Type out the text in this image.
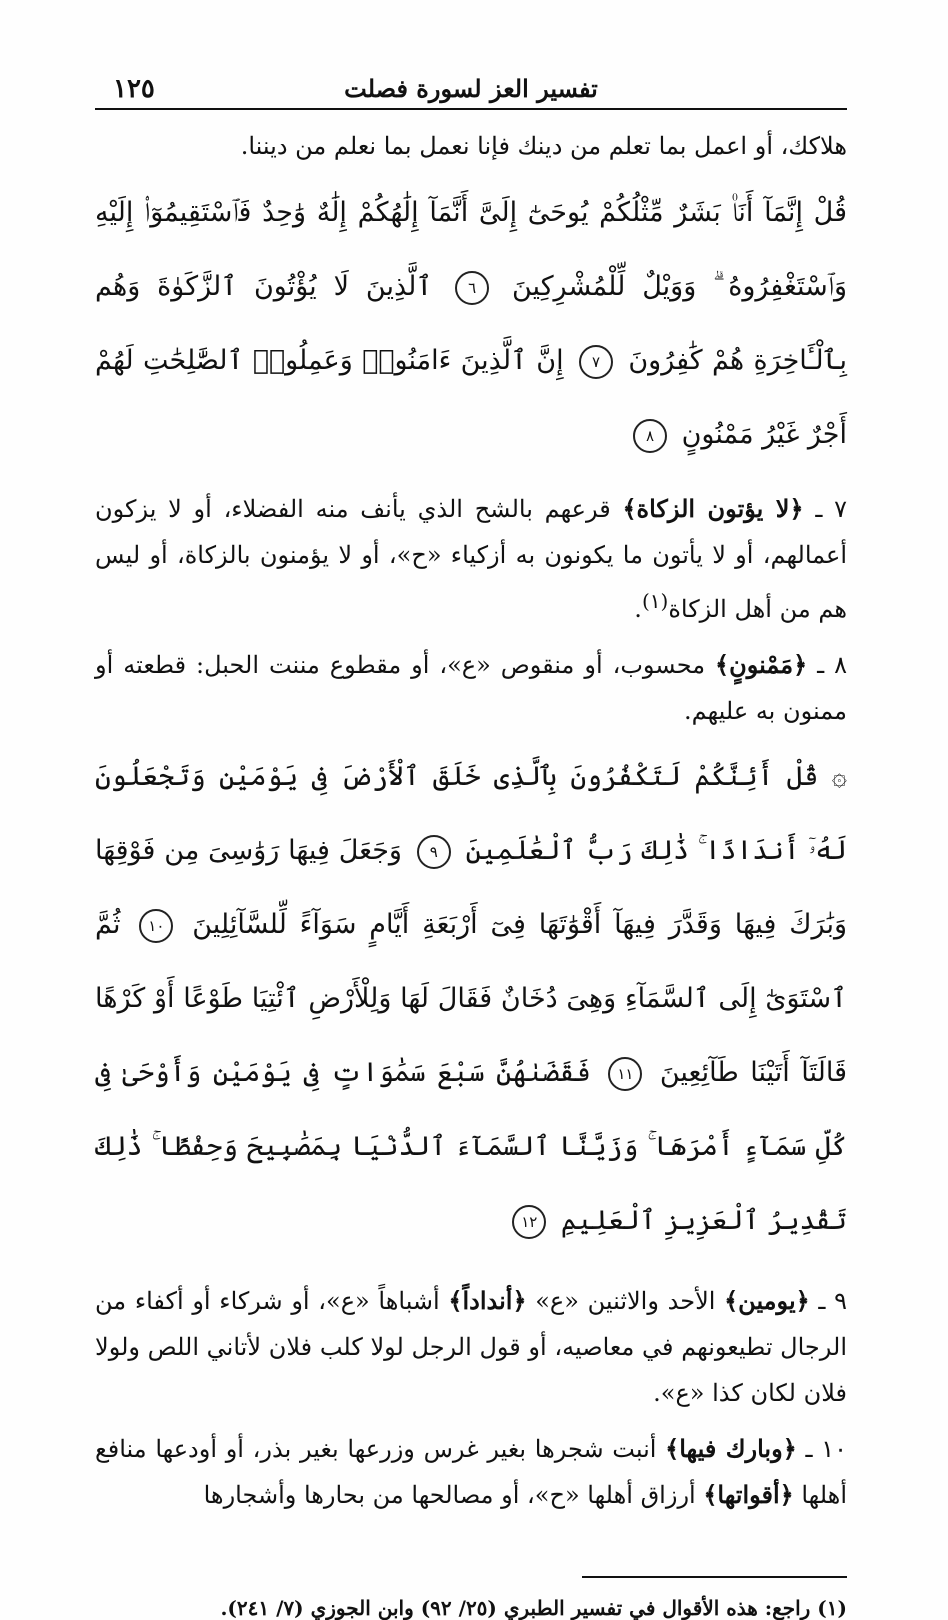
تفسير العز لسورة فصلت
١٢٥

هلاكك، أو اعمل بما تعلم من دينك فإنا نعمل بما نعلم من ديننا.

قُلْ إِنَّمَآ أَنَا۠ بَشَرٌ مِّثْلُكُمْ يُوحَىٰٓ إِلَىَّ أَنَّمَآ إِلَٰهُكُمْ إِلَٰهٌ وَٰحِدٌ فَٱسْتَقِيمُوٓا۟ إِلَيْهِ وَٱسْتَغْفِرُوهُ ۗ وَوَيْلٌ لِّلْمُشْرِكِينَ ٦ ٱلَّذِينَ لَا يُؤْتُونَ ٱلزَّكَوٰةَ وَهُم بِٱلْـَٔاخِرَةِ هُمْ كَٰفِرُونَ ٧ إِنَّ ٱلَّذِينَ ءَامَنُوا۟ وَعَمِلُوا۟ ٱلصَّٰلِحَٰتِ لَهُمْ أَجْرٌ غَيْرُ مَمْنُونٍ ٨

٧ ـ ﴿لا يؤتون الزكاة﴾ قرعهم بالشح الذي يأنف منه الفضلاء، أو لا يزكون أعمالهم، أو لا يأتون ما يكونون به أزكياء «ح»، أو لا يؤمنون بالزكاة، أو ليس هم من أهل الزكاة$^{(١)}$.

٨ ـ ﴿مَمْنونٍ﴾ محسوب، أو منقوص «ع»، أو مقطوع مننت الحبل: قطعته أو ممنون به عليهم.

۞ قُلْ أَئِنَّكُمْ لَتَكْفُرُونَ بِٱلَّذِى خَلَقَ ٱلْأَرْضَ فِى يَوْمَيْنِ وَتَجْعَلُونَ لَهُۥٓ أَندَادًا ۚ ذَٰلِكَ رَبُّ ٱلْعَٰلَمِينَ ٩ وَجَعَلَ فِيهَا رَوَٰسِىَ مِن فَوْقِهَا وَبَٰرَكَ فِيهَا وَقَدَّرَ فِيهَآ أَقْوَٰتَهَا فِىٓ أَرْبَعَةِ أَيَّامٍ سَوَآءً لِّلسَّآئِلِينَ ١٠ ثُمَّ ٱسْتَوَىٰٓ إِلَى ٱلسَّمَآءِ وَهِىَ دُخَانٌ فَقَالَ لَهَا وَلِلْأَرْضِ ٱئْتِيَا طَوْعًا أَوْ كَرْهًا قَالَتَآ أَتَيْنَا طَآئِعِينَ ١١ فَقَضَىٰهُنَّ سَبْعَ سَمَٰوَاتٍ فِى يَوْمَيْنِ وَأَوْحَىٰ فِى كُلِّ سَمَآءٍ أَمْرَهَا ۚ وَزَيَّنَّا ٱلسَّمَآءَ ٱلدُّنْيَا بِمَصَٰبِيحَ وَحِفْظًا ۚ ذَٰلِكَ تَقْدِيرُ ٱلْعَزِيزِ ٱلْعَلِيمِ ١٢

٩ ـ ﴿يومين﴾ الأحد والاثنين «ع» ﴿أنداداً﴾ أشباهاً «ع»، أو شركاء أو أكفاء من الرجال تطيعونهم في معاصيه، أو قول الرجل لولا كلب فلان لأتاني اللص ولولا فلان لكان كذا «ع».

١٠ ـ ﴿وبارك فيها﴾ أنبت شجرها بغير غرس وزرعها بغير بذر، أو أودعها منافع أهلها ﴿أقواتها﴾ أرزاق أهلها «ح»، أو مصالحها من بحارها وأشجارها

(١) راجع: هذه الأقوال في تفسير الطبري (٢٥/ ٩٢) وابن الجوزي (٧/ ٢٤١).
